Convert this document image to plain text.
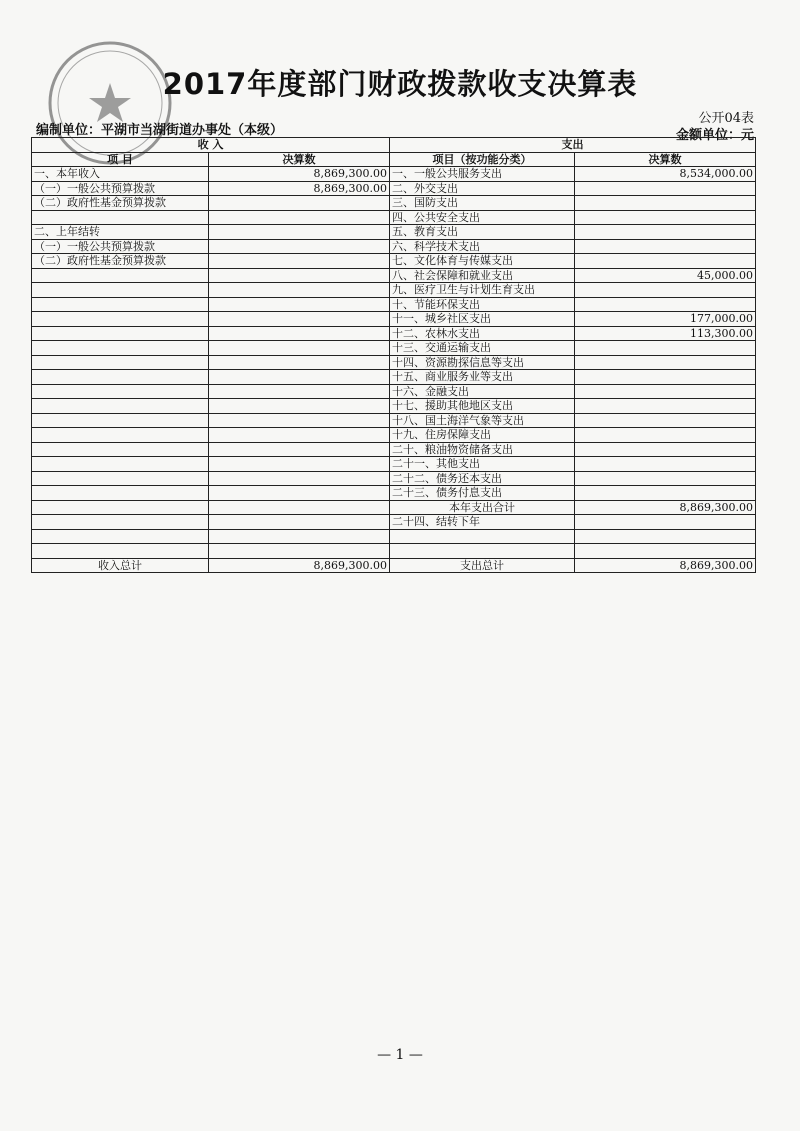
2017年度部门财政拨款收支决算表
公开04表
编制单位：平湖市当湖街道办事处（本级）	金额单位：元
收 入		支出	
项 目	决算数	项目（按功能分类）	决算数
一、本年收入	8,869,300.00	一、一般公共服务支出	8,534,000.00
（一）一般公共预算拨款	8,869,300.00	二、外交支出	
（二）政府性基金预算拨款		三、国防支出	
		四、公共安全支出	
二、上年结转		五、教育支出	
（一）一般公共预算拨款		六、科学技术支出	
（二）政府性基金预算拨款		七、文化体育与传媒支出	
		八、社会保障和就业支出	45,000.00
		九、医疗卫生与计划生育支出	
		十、节能环保支出	
		十一、城乡社区支出	177,000.00
		十二、农林水支出	113,300.00
		十三、交通运输支出	
		十四、资源勘探信息等支出	
		十五、商业服务业等支出	
		十六、金融支出	
		十七、援助其他地区支出	
		十八、国土海洋气象等支出	
		十九、住房保障支出	
		二十、粮油物资储备支出	
		二十一、其他支出	
		二十二、债务还本支出	
		二十三、债务付息支出	
		本年支出合计	8,869,300.00
		二十四、结转下年	

收入总计	8,869,300.00	支出总计	8,869,300.00
— 1 —
